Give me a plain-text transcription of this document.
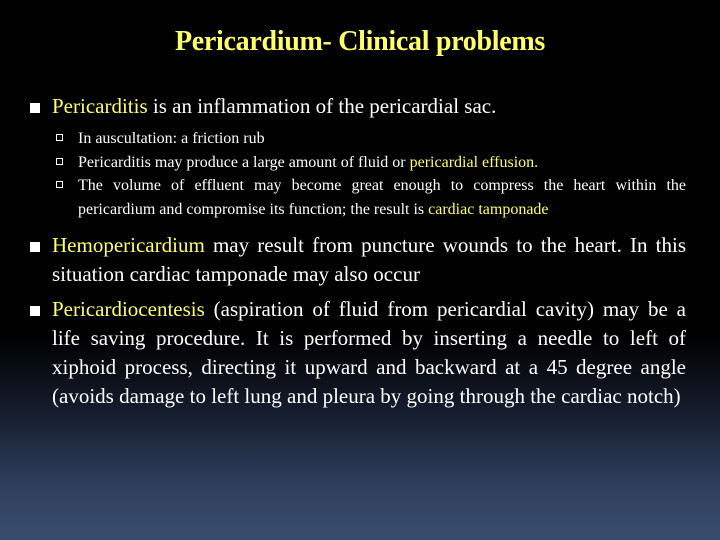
Pericardium- Clinical problems
Pericarditis is an inflammation of the pericardial sac.
In auscultation: a friction rub
Pericarditis may produce a large amount of fluid or pericardial effusion.
The volume of effluent may become great enough to compress the heart within the pericardium and compromise its function; the result is cardiac tamponade
Hemopericardium may result from puncture wounds to the heart. In this situation cardiac tamponade may also occur
Pericardiocentesis (aspiration of fluid from pericardial cavity) may be a life saving procedure. It is performed by inserting a needle to left of xiphoid process, directing it upward and backward at a 45 degree angle (avoids damage to left lung and pleura by going through the cardiac notch)
